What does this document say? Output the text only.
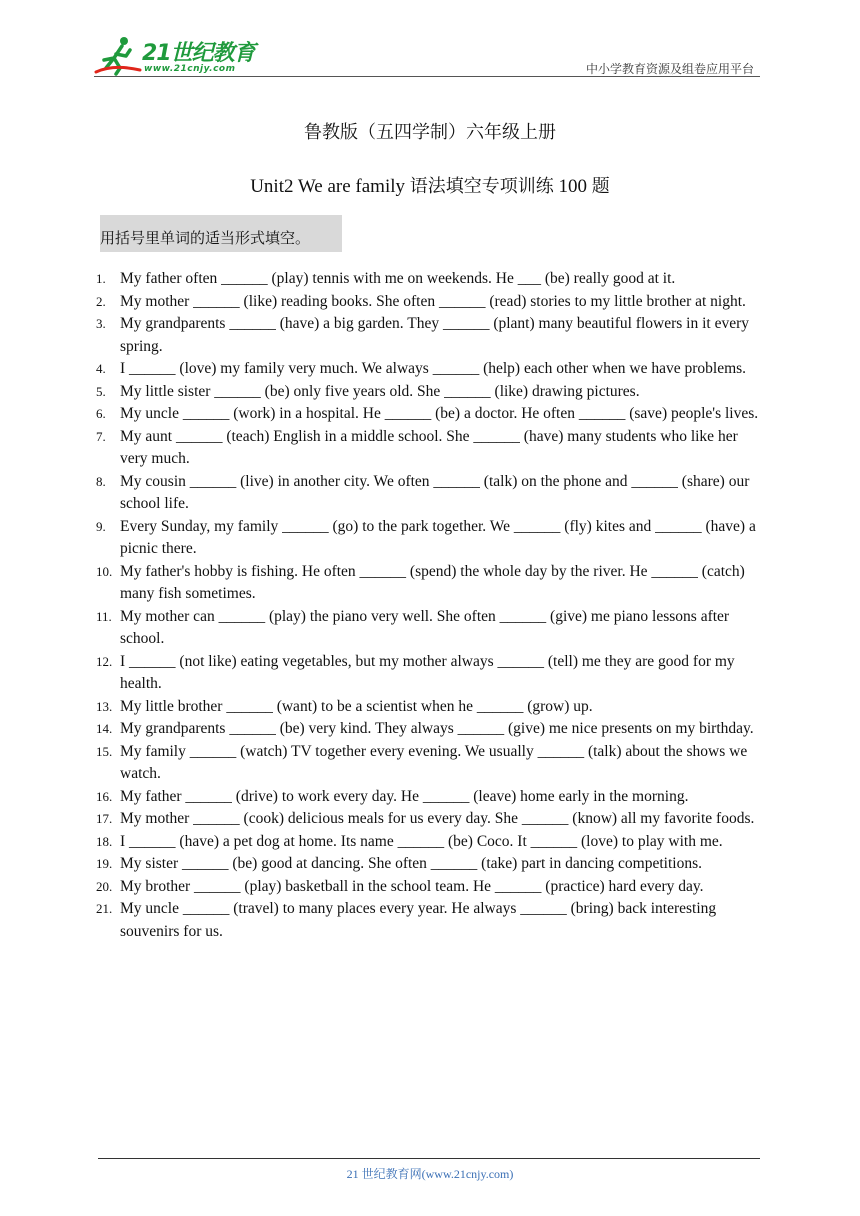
21世纪教育
www.21cnjy.com	中小学教育资源及组卷应用平台
鲁教版（五四学制）六年级上册
Unit2 We are family 语法填空专项训练 100 题
用括号里单词的适当形式填空。
1. My father often ______ (play) tennis with me on weekends. He ___ (be) really good at it.
2. My mother ______ (like) reading books. She often ______ (read) stories to my little brother at night.
3. My grandparents ______ (have) a big garden. They ______ (plant) many beautiful flowers in it every spring.
4. I ______ (love) my family very much. We always ______ (help) each other when we have problems.
5. My little sister ______ (be) only five years old. She ______ (like) drawing pictures.
6. My uncle ______ (work) in a hospital. He ______ (be) a doctor. He often ______ (save) people's lives.
7. My aunt ______ (teach) English in a middle school. She ______ (have) many students who like her very much.
8. My cousin ______ (live) in another city. We often ______ (talk) on the phone and ______ (share) our school life.
9. Every Sunday, my family ______ (go) to the park together. We ______ (fly) kites and ______ (have) a picnic there.
10. My father's hobby is fishing. He often ______ (spend) the whole day by the river. He ______ (catch) many fish sometimes.
11. My mother can ______ (play) the piano very well. She often ______ (give) me piano lessons after school.
12. I ______ (not like) eating vegetables, but my mother always ______ (tell) me they are good for my health.
13. My little brother ______ (want) to be a scientist when he ______ (grow) up.
14. My grandparents ______ (be) very kind. They always ______ (give) me nice presents on my birthday.
15. My family ______ (watch) TV together every evening. We usually ______ (talk) about the shows we watch.
16. My father ______ (drive) to work every day. He ______ (leave) home early in the morning.
17. My mother ______ (cook) delicious meals for us every day. She ______ (know) all my favorite foods.
18. I ______ (have) a pet dog at home. Its name ______ (be) Coco. It ______ (love) to play with me.
19. My sister ______ (be) good at dancing. She often ______ (take) part in dancing competitions.
20. My brother ______ (play) basketball in the school team. He ______ (practice) hard every day.
21. My uncle ______ (travel) to many places every year. He always ______ (bring) back interesting souvenirs for us.
21 世纪教育网(www.21cnjy.com)
